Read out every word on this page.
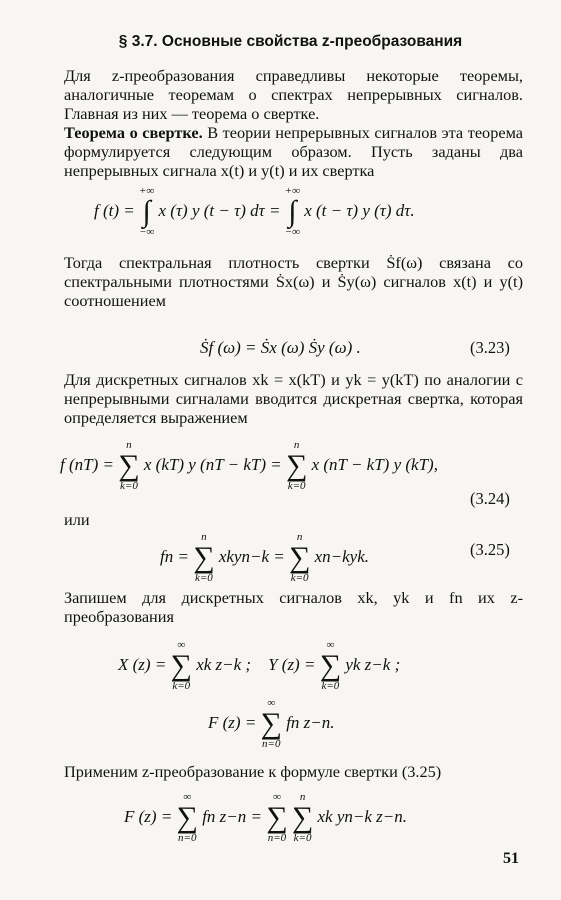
§ 3.7. Основные свойства z-преобразования
Для z-преобразования справедливы некоторые теоремы, аналогичные теоремам о спектрах непрерывных сигналов. Главная из них — теорема о свертке.
Теорема о свертке. В теории непрерывных сигналов эта теорема формулируется следующим образом. Пусть заданы два непрерывных сигнала x(t) и y(t) и их свертка
f (t) =
+∞
∫
−∞
x (τ) y (t − τ) dτ =
+∞
∫
−∞
x (t − τ) y (τ) dτ.
Тогда спектральная плотность свертки Ṡf(ω) связана со спектральными плотностями Ṡx(ω) и Ṡy(ω) сигналов x(t) и y(t) соотношением
Ṡf (ω) = Ṡx (ω) Ṡy (ω) .	(3.23)
Для дискретных сигналов xk = x(kT) и yk = y(kT) по аналогии с непрерывными сигналами вводится дискретная свертка, которая определяется выражением
f (nT) =
n
∑
k=0
x (kT) y (nT − kT) =
n
∑
k=0
x (nT − kT) y (kT),
(3.24)
или
fn =
n
∑
k=0
xkyn−k =
n
∑
k=0
xn−kyk.	(3.25)
Запишем для дискретных сигналов xk, yk и fn их z-преобразования
X (z) =
∞
∑
k=0
xk z−k ; Y (z) =
∞
∑
k=0
yk z−k ;
F (z) =
∞
∑
n=0
fn z−n.
Применим z-преобразование к формуле свертки (3.25)
F (z) =
∞
∑
n=0
fn z−n =
∞
∑
n=0

n
∑
k=0
xk yn−k z−n.
51
